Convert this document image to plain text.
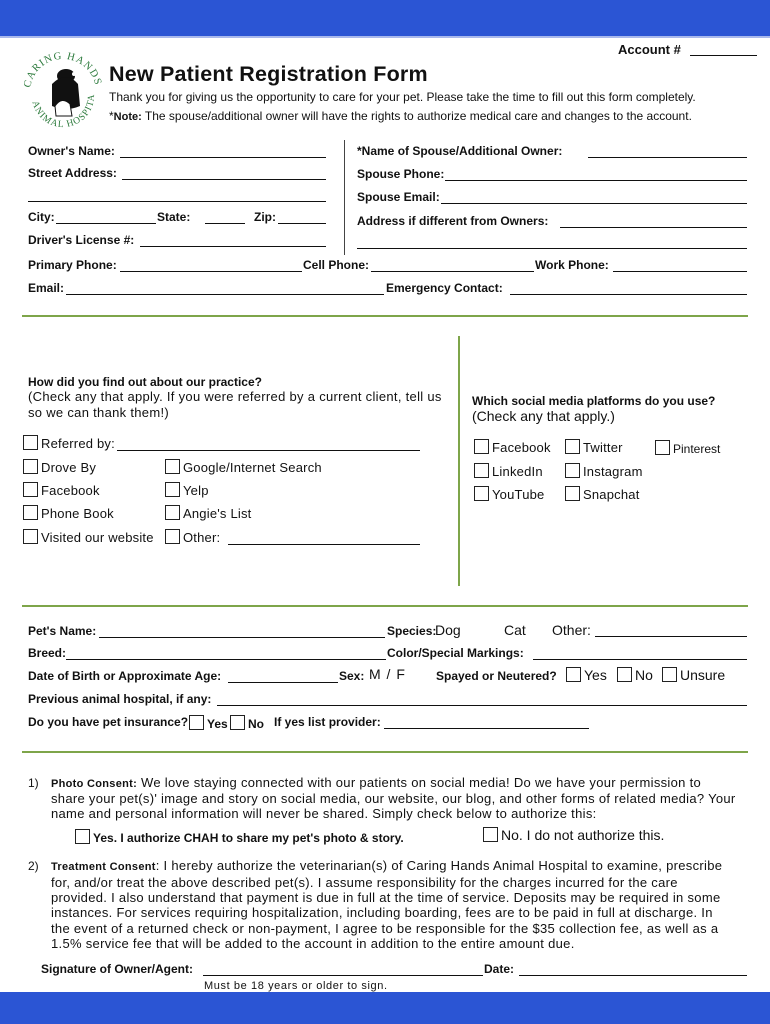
Account #
CARING HANDS
ANIMAL HOSPITA
New Patient Registration Form
Thank you for giving us the opportunity to care for your pet. Please take the time to fill out this form completely.
*Note: The spouse/additional owner will have the rights to authorize medical care and changes to the account.
Owner's Name:
Street Address:
City:	State:	Zip:
Driver's License #:
*Name of Spouse/Additional Owner:
Spouse Phone:
Spouse Email:
Address if different from Owners:
Primary Phone:	Cell Phone:	Work Phone:
Email:	Emergency Contact:
How did you find out about our practice?
(Check any that apply. If you were referred by a current client, tell us so we can thank them!)
Referred by:
Drove By
Facebook
Phone Book
Visited our website
Google/Internet Search
Yelp
Angie's List
Other:
Which social media platforms do you use?
(Check any that apply.)
Facebook
LinkedIn
YouTube
Twitter
Instagram
Snapchat
Pinterest
Pet's Name:	Species:
Dog	Cat Other:
Breed:	Color/Special Markings:
Date of Birth or Approximate Age:	Sex: M / F	Spayed or Neutered?	Yes	No	Unsure
Previous animal hospital, if any:
Do you have pet insurance?	Yes	No If yes list provider:
1) Photo Consent: We love staying connected with our patients on social media! Do we have your permission to
share your pet(s)' image and story on social media, our website, our blog, and other forms of related media? Your
name and personal information will never be shared. Simply check below to authorize this:
Yes. I authorize CHAH to share my pet's photo & story.	No. I do not authorize this.
2) Treatment Consent: I hereby authorize the veterinarian(s) of Caring Hands Animal Hospital to examine, prescribe
for, and/or treat the above described pet(s). I assume responsibility for the charges incurred for the care
provided. I also understand that payment is due in full at the time of service. Deposits may be required in some
instances. For services requiring hospitalization, including boarding, fees are to be paid in full at discharge. In
the event of a returned check or non-payment, I agree to be responsible for the $35 collection fee, as well as a
1.5% service fee that will be added to the account in addition to the entire amount due.
Signature of Owner/Agent:	Date:
Must be 18 years or older to sign.
